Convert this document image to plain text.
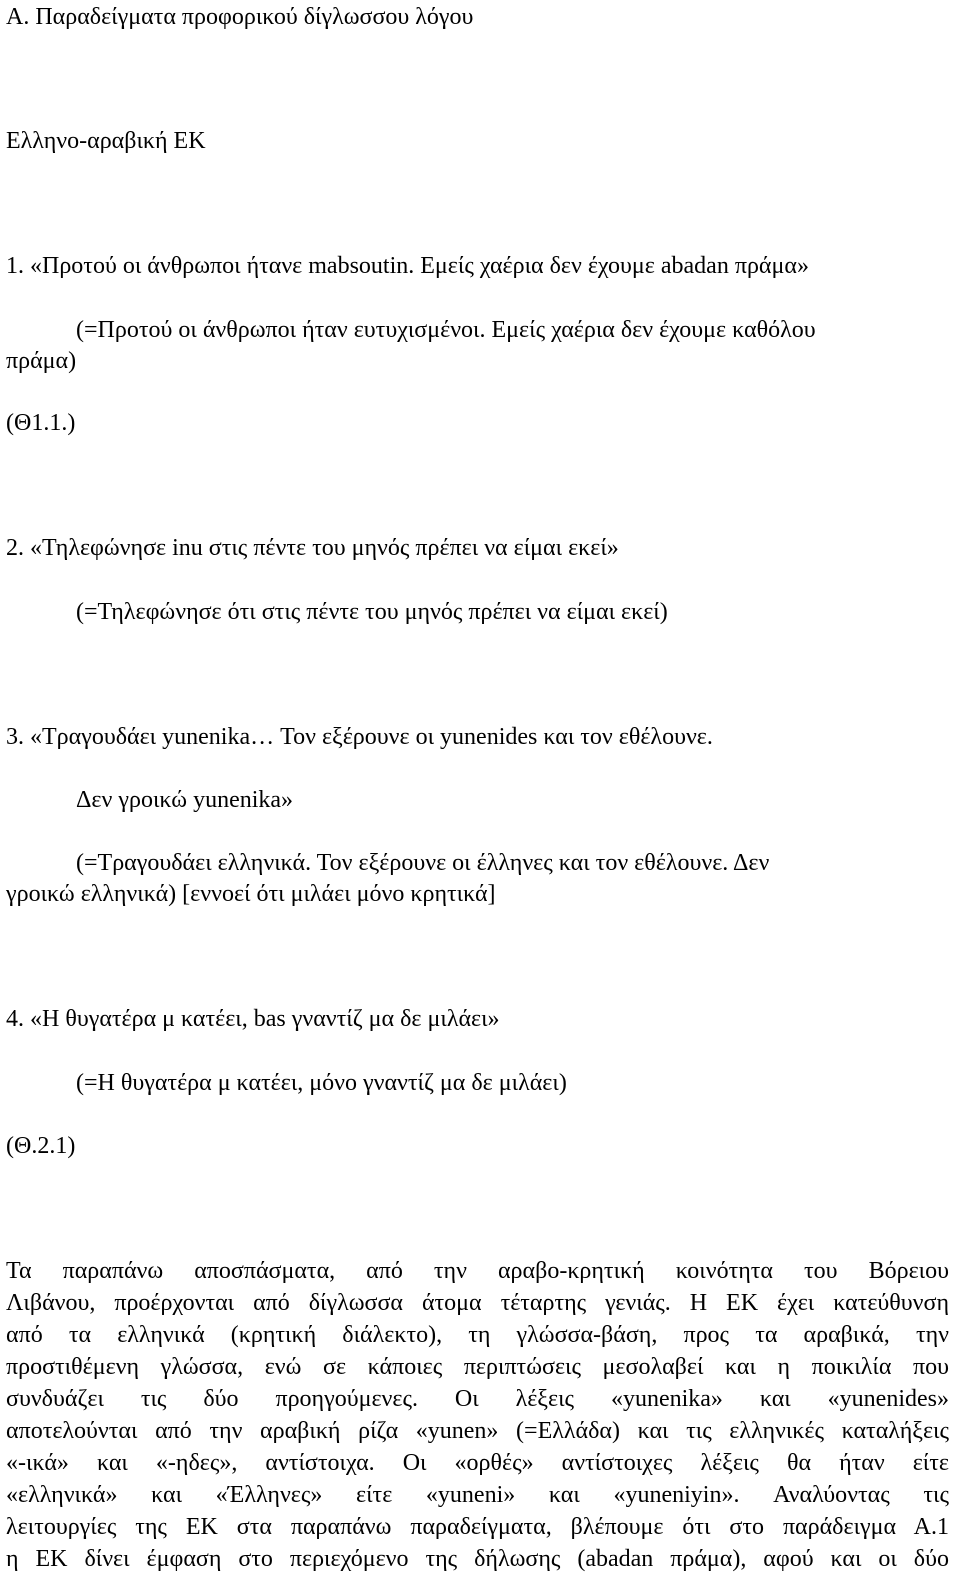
Α. Παραδείγματα προφορικού δίγλωσσου λόγου

Ελληνο-αραβική ΕΚ

1. «Προτού οι άνθρωποι ήτανε mabsoutin. Εμείς χαέρια δεν έχουμε abadan πράμα»

(=Προτού οι άνθρωποι ήταν ευτυχισμένοι. Εμείς χαέρια δεν έχουμε καθόλου

πράμα)

(Θ1.1.)

2. «Τηλεφώνησε inu στις πέντε του μηνός πρέπει να είμαι εκεί»

(=Τηλεφώνησε ότι στις πέντε του μηνός πρέπει να είμαι εκεί)

3. «Τραγουδάει yunenika… Τον εξέρουνε οι yunenides και τον εθέλουνε.

Δεν γροικώ yunenika»

(=Τραγουδάει ελληνικά. Τον εξέρουνε οι έλληνες και τον εθέλουνε. Δεν

γροικώ ελληνικά) [εννοεί ότι μιλάει μόνο κρητικά]

4. «Η θυγατέρα μ κατέει, bas γναντίζ μα δε μιλάει»

(=Η θυγατέρα μ κατέει, μόνο γναντίζ μα δε μιλάει)

(Θ.2.1)

Τα παραπάνω αποσπάσματα, από την αραβο-κρητική κοινότητα του Βόρειου

Λιβάνου, προέρχονται από δίγλωσσα άτομα τέταρτης γενιάς. Η ΕΚ έχει κατεύθυνση

από τα ελληνικά (κρητική διάλεκτο), τη γλώσσα-βάση, προς τα αραβικά, την

προστιθέμενη γλώσσα, ενώ σε κάποιες περιπτώσεις μεσολαβεί και η ποικιλία που

συνδυάζει τις δύο προηγούμενες. Οι λέξεις «yunenika» και «yunenides»

αποτελούνται από την αραβική ρίζα «yunen» (=Ελλάδα) και τις ελληνικές καταλήξεις

«-ικά» και «-ηδες», αντίστοιχα. Οι «ορθές» αντίστοιχες λέξεις θα ήταν είτε

«ελληνικά» και «Έλληνες» είτε «yuneni» και «yuneniyin». Αναλύοντας τις

λειτουργίες της ΕΚ στα παραπάνω παραδείγματα, βλέπουμε ότι στο παράδειγμα Α.1

η ΕΚ δίνει έμφαση στο περιεχόμενο της δήλωσης (abadan πράμα), αφού και οι δύο
